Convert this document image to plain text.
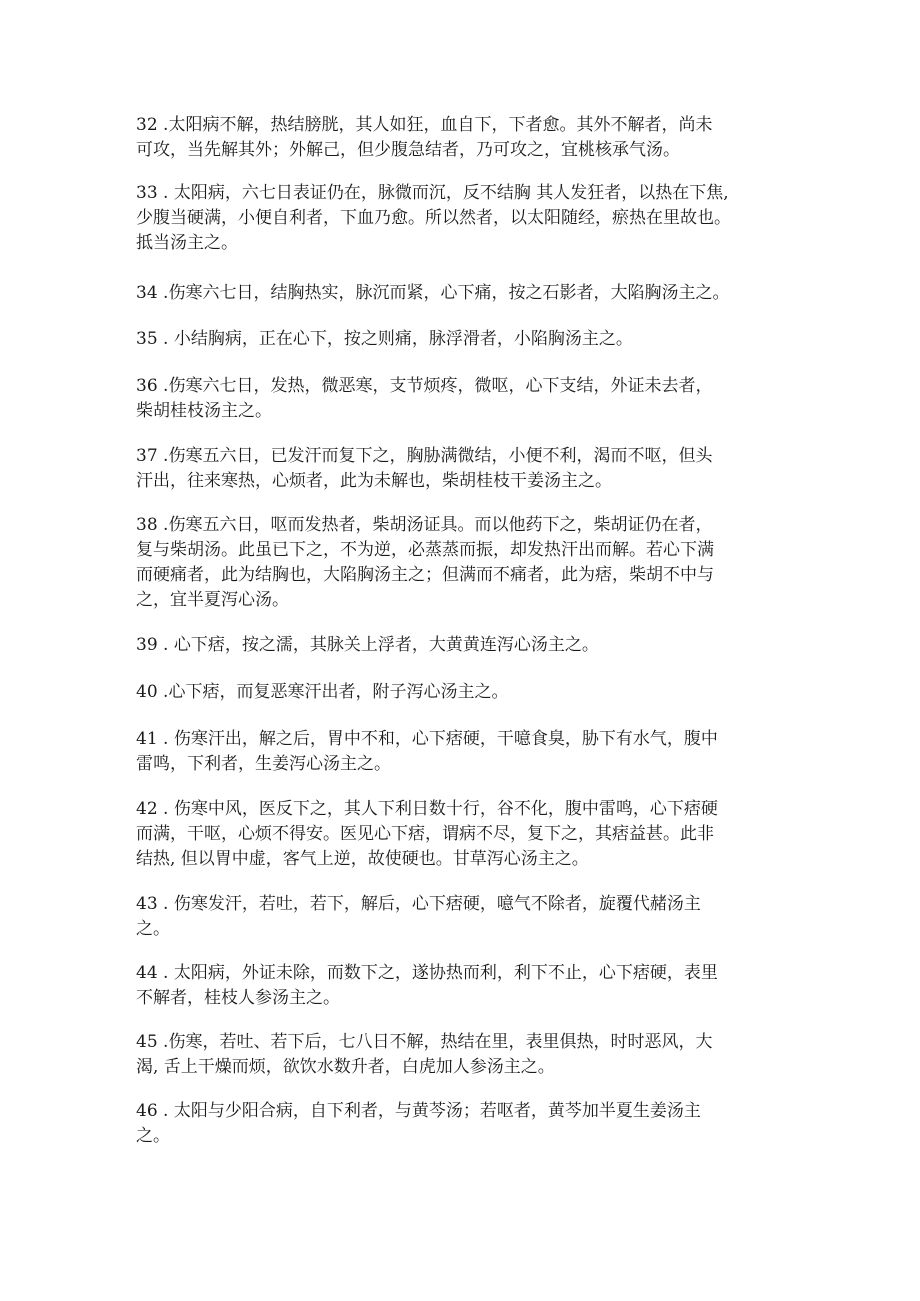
32 .太阳病不解，热结膀胱，其人如狂，血自下，下者愈。其外不解者，尚未
可攻，当先解其外；外解己，但少腹急结者，乃可攻之，宜桃核承气汤。

33 . 太阳病，六七日表证仍在，脉微而沉，反不结胸 其人发狂者，以热在下焦,
少腹当硬满，小便自利者，下血乃愈。所以然者，以太阳随经，瘀热在里故也。
抵当汤主之。

34 .伤寒六七日，结胸热实，脉沉而紧，心下痛，按之石影者，大陷胸汤主之。

35 . 小结胸病，正在心下，按之则痛，脉浮滑者，小陷胸汤主之。

36 .伤寒六七日，发热，微恶寒，支节烦疼，微呕，心下支结，外证未去者，
柴胡桂枝汤主之。

37 .伤寒五六日，已发汗而复下之，胸胁满微结，小便不利，渴而不呕，但头
汗出，往来寒热，心烦者，此为未解也，柴胡桂枝干姜汤主之。

38 .伤寒五六日，呕而发热者，柴胡汤证具。而以他药下之，柴胡证仍在者，
复与柴胡汤。此虽已下之，不为逆，必蒸蒸而振，却发热汗出而解。若心下满
而硬痛者，此为结胸也，大陷胸汤主之；但满而不痛者，此为痞，柴胡不中与
之，宜半夏泻心汤。

39 . 心下痞，按之濡，其脉关上浮者，大黄黄连泻心汤主之。

40 .心下痞，而复恶寒汗出者，附子泻心汤主之。

41 . 伤寒汗出，解之后，胃中不和，心下痞硬，干噫食臭，胁下有水气，腹中
雷鸣，下利者，生姜泻心汤主之。

42 . 伤寒中风，医反下之，其人下利日数十行，谷不化，腹中雷鸣，心下痞硬
而满，干呕，心烦不得安。医见心下痞，谓病不尽，复下之，其痞益甚。此非
结热, 但以胃中虚，客气上逆，故使硬也。甘草泻心汤主之。

43 . 伤寒发汗，若吐，若下，解后，心下痞硬，噫气不除者，旋覆代赭汤主
之。

44 . 太阳病，外证未除，而数下之，遂协热而利，利下不止，心下痞硬，表里
不解者，桂枝人参汤主之。

45 .伤寒，若吐、若下后，七八日不解，热结在里，表里俱热，时时恶风，大
渴, 舌上干燥而烦，欲饮水数升者，白虎加人参汤主之。

46 . 太阳与少阳合病，自下利者，与黄芩汤；若呕者，黄芩加半夏生姜汤主
之。
